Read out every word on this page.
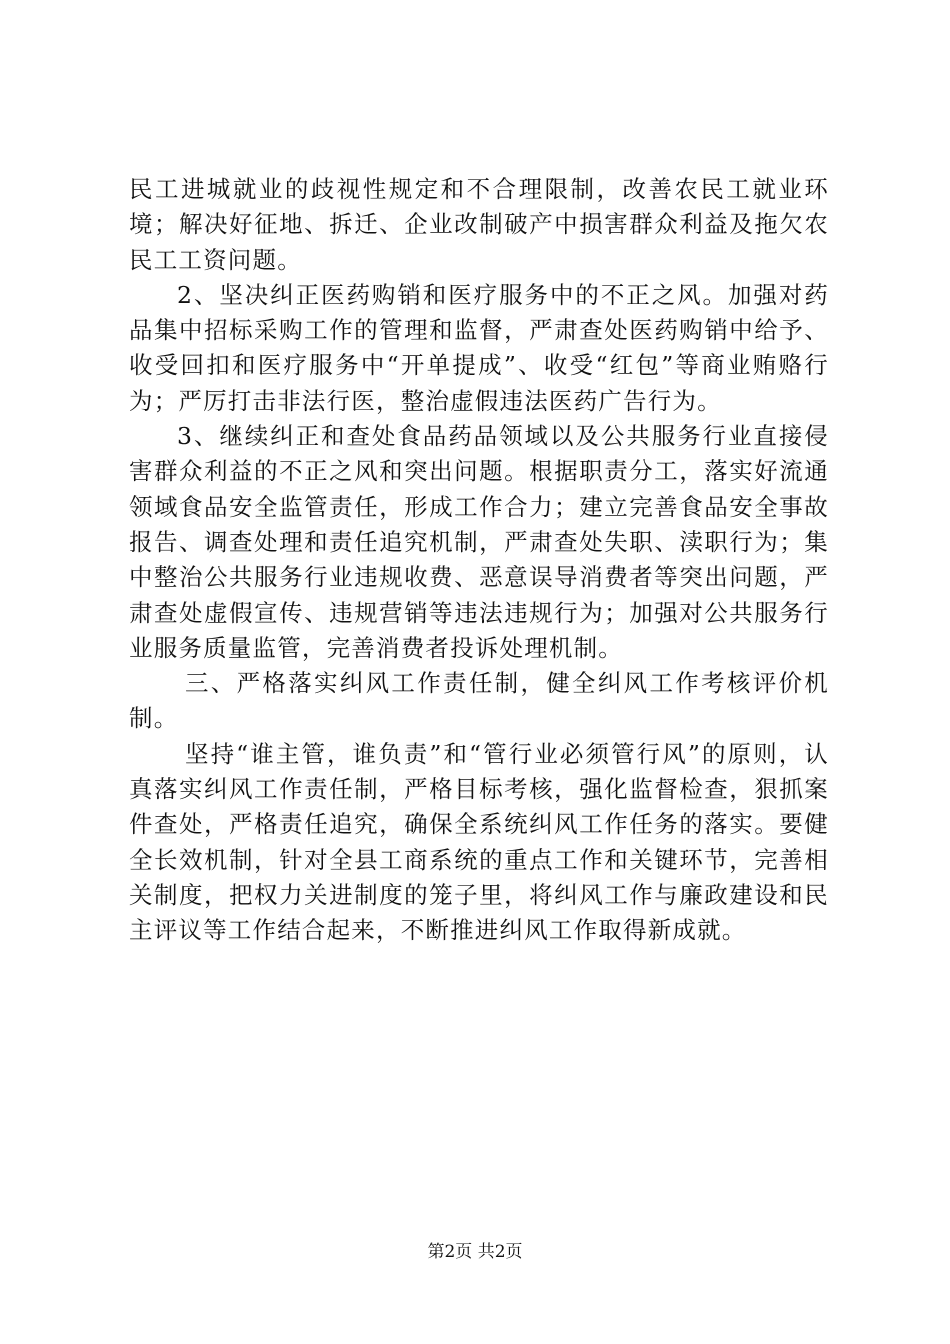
民工进城就业的歧视性规定和不合理限制，改善农民工就业环境；解决好征地、拆迁、企业改制破产中损害群众利益及拖欠农民工工资问题。

2、坚决纠正医药购销和医疗服务中的不正之风。加强对药品集中招标采购工作的管理和监督，严肃查处医药购销中给予、收受回扣和医疗服务中“开单提成”、收受“红包”等商业贿赂行为；严厉打击非法行医，整治虚假违法医药广告行为。

3、继续纠正和查处食品药品领域以及公共服务行业直接侵害群众利益的不正之风和突出问题。根据职责分工，落实好流通领域食品安全监管责任，形成工作合力；建立完善食品安全事故报告、调查处理和责任追究机制，严肃查处失职、渎职行为；集中整治公共服务行业违规收费、恶意误导消费者等突出问题，严肃查处虚假宣传、违规营销等违法违规行为；加强对公共服务行业服务质量监管，完善消费者投诉处理机制。

三、严格落实纠风工作责任制，健全纠风工作考核评价机制。

坚持“谁主管，谁负责”和“管行业必须管行风”的原则，认真落实纠风工作责任制，严格目标考核，强化监督检查，狠抓案件查处，严格责任追究，确保全系统纠风工作任务的落实。要健全长效机制，针对全县工商系统的重点工作和关键环节，完善相关制度，把权力关进制度的笼子里，将纠风工作与廉政建设和民主评议等工作结合起来，不断推进纠风工作取得新成就。

第2页 共2页
